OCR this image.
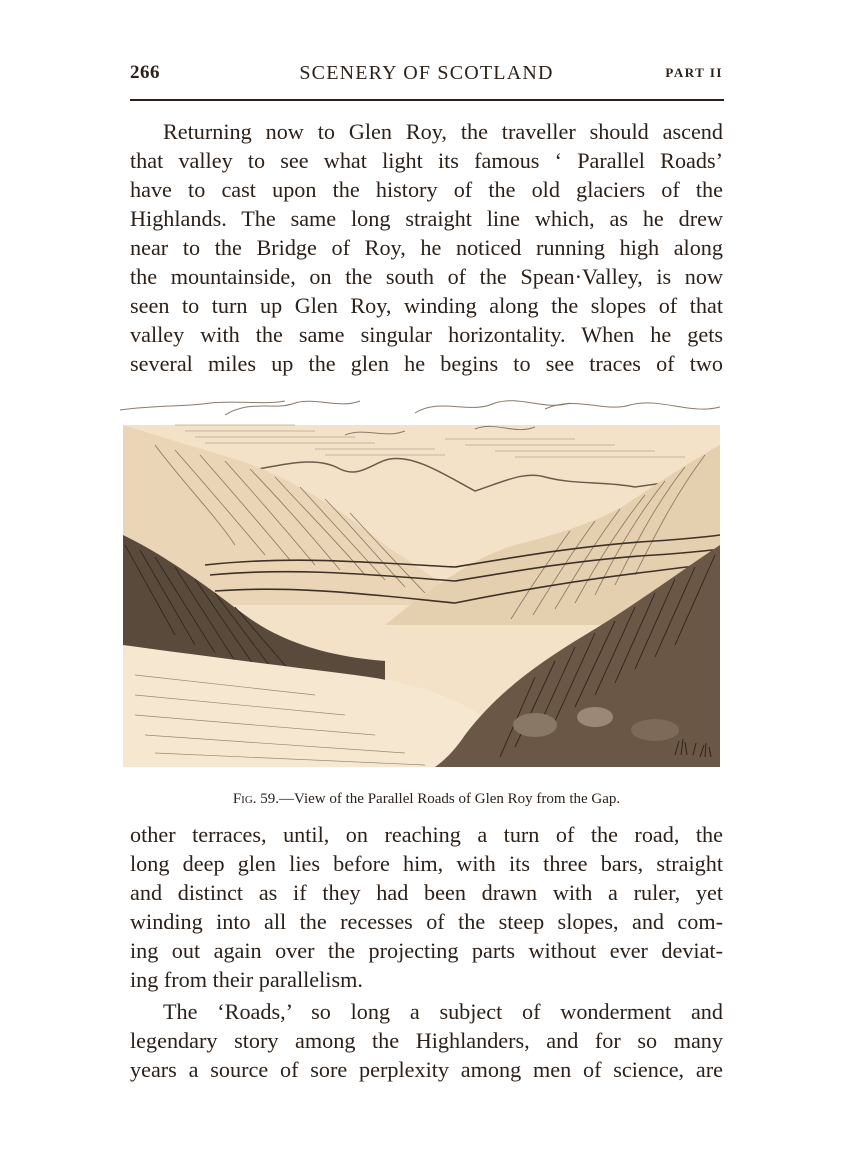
266	SCENERY OF SCOTLAND	PART II
Returning now to Glen Roy, the traveller should ascend
that valley to see what light its famous ‘ Parallel Roads’
have to cast upon the history of the old glaciers of the
Highlands. The same long straight line which, as he drew
near to the Bridge of Roy, he noticed running high along
the mountainside, on the south of the Spean·Valley, is now
seen to turn up Glen Roy, winding along the slopes of that
valley with the same singular horizontality. When he gets
several miles up the glen he begins to see traces of two
Fig. 59.—View of the Parallel Roads of Glen Roy from the Gap.
other terraces, until, on reaching a turn of the road, the
long deep glen lies before him, with its three bars, straight
and distinct as if they had been drawn with a ruler, yet
winding into all the recesses of the steep slopes, and com-
ing out again over the projecting parts without ever deviat-
ing from their parallelism.
The ‘Roads,’ so long a subject of wonderment and
legendary story among the Highlanders, and for so many
years a source of sore perplexity among men of science, are
